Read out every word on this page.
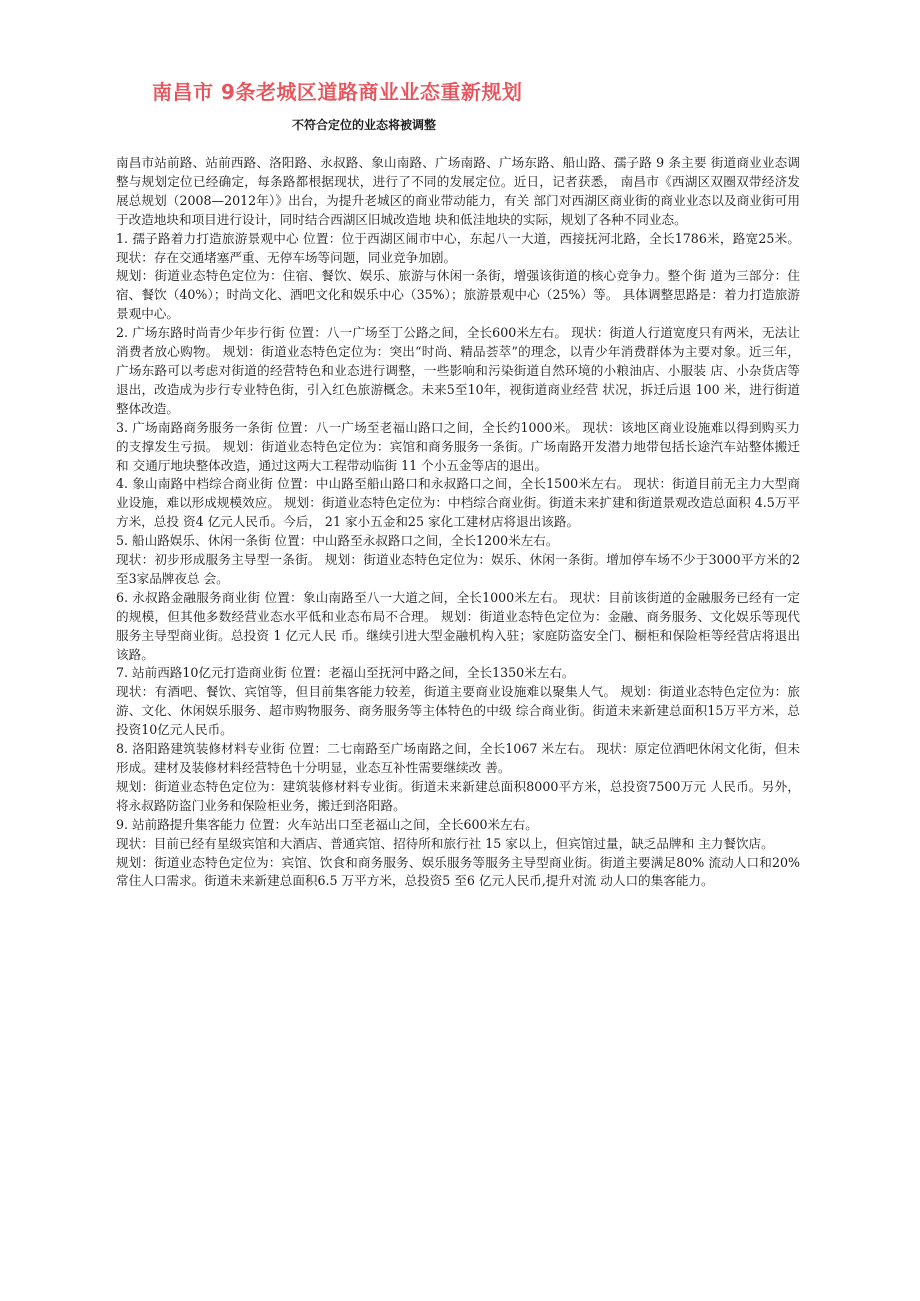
南昌市 9条老城区道路商业业态重新规划
不符合定位的业态将被调整

南昌市站前路、站前西路、洛阳路、永叔路、象山南路、广场南路、广场东路、船山路、孺子路 9 条主要 街道商业业态调整与规划定位已经确定，每条路都根据现状，进行了不同的发展定位。近日，记者获悉， 南昌市《西湖区双圈双带经济发展总规划（2008—2012年）》出台，为提升老城区的商业带动能力，有关 部门对西湖区商业街的商业业态以及商业街可用于改造地块和项目进行设计，同时结合西湖区旧城改造地 块和低洼地块的实际，规划了各种不同业态。

1. 孺子路着力打造旅游景观中心 位置：位于西湖区闹市中心，东起八一大道，西接抚河北路，全长1786米，路宽25米。 现状：存在交通堵塞严重、无停车场等问题，同业竞争加剧。

规划：街道业态特色定位为：住宿、餐饮、娱乐、旅游与休闲一条街，增强该街道的核心竞争力。整个街 道为三部分：住宿、餐饮（40%）；时尚文化、酒吧文化和娱乐中心（35%）；旅游景观中心（25%）等。 具体调整思路是：着力打造旅游景观中心。

2. 广场东路时尚青少年步行街 位置：八一广场至丁公路之间，全长600米左右。 现状：街道人行道宽度只有两米，无法让消费者放心购物。 规划：街道业态特色定位为：突出“时尚、精品荟萃”的理念，以青少年消费群体为主要对象。近三年， 广场东路可以考虑对街道的经营特色和业态进行调整，一些影响和污染街道自然环境的小粮油店、小服装 店、小杂货店等退出，改造成为步行专业特色街，引入红色旅游概念。未来5至10年，视街道商业经营 状况，拆迁后退 100 米，进行街道整体改造。

3. 广场南路商务服务一条街 位置：八一广场至老福山路口之间，全长约1000米。 现状：该地区商业设施难以得到购买力的支撑发生亏损。 规划：街道业态特色定位为：宾馆和商务服务一条街。广场南路开发潜力地带包括长途汽车站整体搬迁和 交通厅地块整体改造，通过这两大工程带动临街 11 个小五金等店的退出。

4. 象山南路中档综合商业街 位置：中山路至船山路口和永叔路口之间，全长1500米左右。 现状：街道目前无主力大型商业设施，难以形成规模效应。 规划：街道业态特色定位为：中档综合商业街。街道未来扩建和街道景观改造总面积 4.5万平方米，总投 资4 亿元人民币。今后， 21 家小五金和25 家化工建材店将退出该路。

5. 船山路娱乐、休闲一条街 位置：中山路至永叔路口之间，全长1200米左右。

现状：初步形成服务主导型一条街。 规划：街道业态特色定位为：娱乐、休闲一条街。增加停车场不少于3000平方米的2至3家品牌夜总 会。

6. 永叔路金融服务商业街 位置：象山南路至八一大道之间，全长1000米左右。 现状：目前该街道的金融服务已经有一定的规模，但其他多数经营业态水平低和业态布局不合理。 规划：街道业态特色定位为：金融、商务服务、文化娱乐等现代服务主导型商业街。总投资 1 亿元人民 币。继续引进大型金融机构入驻；家庭防盗安全门、橱柜和保险柜等经营店将退出该路。

7. 站前西路10亿元打造商业街 位置：老福山至抚河中路之间，全长1350米左右。

现状：有酒吧、餐饮、宾馆等，但目前集客能力较差，街道主要商业设施难以聚集人气。 规划：街道业态特色定位为：旅游、文化、休闲娱乐服务、超市购物服务、商务服务等主体特色的中级 综合商业街。街道未来新建总面积15万平方米，总投资10亿元人民币。

8. 洛阳路建筑装修材料专业街 位置：二七南路至广场南路之间，全长1067 米左右。 现状：原定位酒吧休闲文化街，但未形成。建材及装修材料经营特色十分明显，业态互补性需要继续改 善。

规划：街道业态特色定位为：建筑装修材料专业街。街道未来新建总面积8000平方米，总投资7500万元 人民币。另外，将永叔路防盗门业务和保险柜业务，搬迁到洛阳路。

9. 站前路提升集客能力 位置：火车站出口至老福山之间，全长600米左右。

现状：目前已经有星级宾馆和大酒店、普通宾馆、招待所和旅行社 15 家以上，但宾馆过量，缺乏品牌和 主力餐饮店。

规划：街道业态特色定位为：宾馆、饮食和商务服务、娱乐服务等服务主导型商业街。街道主要满足80% 流动人口和20%常住人口需求。街道未来新建总面积6.5 万平方米，总投资5 至6 亿元人民币,提升对流 动人口的集客能力。
